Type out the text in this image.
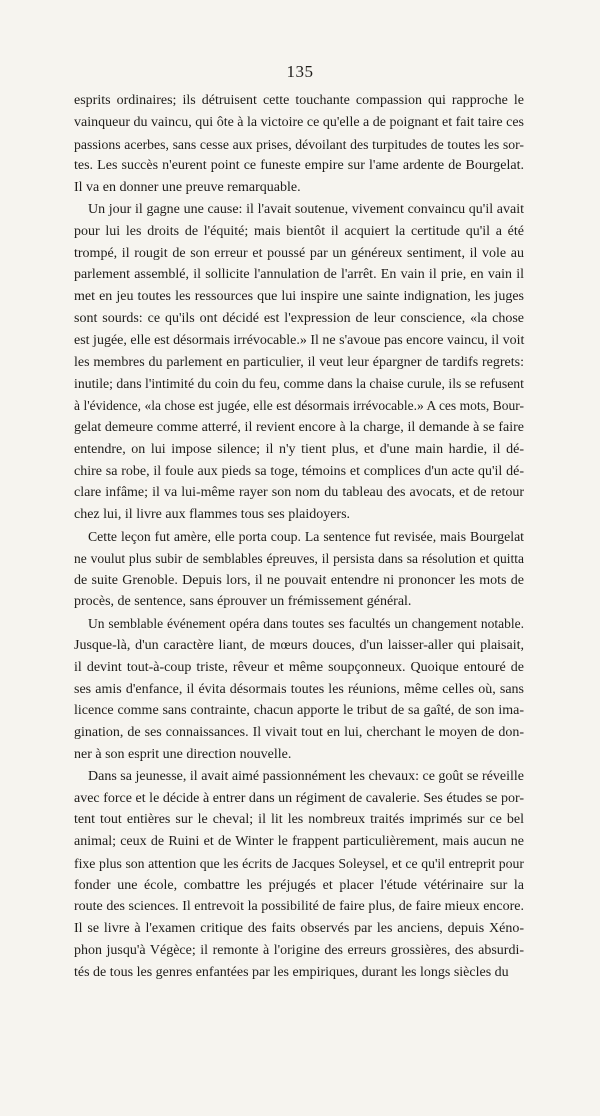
135
esprits ordinaires; ils détruisent cette touchante compassion qui rapproche le
vainqueur du vaincu, qui ôte à la victoire ce qu'elle a de poignant et fait taire ces
passions acerbes, sans cesse aux prises, dévoilant des turpitudes de toutes les sor-
tes. Les succès n'eurent point ce funeste empire sur l'ame ardente de Bourgelat.
Il va en donner une preuve remarquable.
Un jour il gagne une cause: il l'avait soutenue, vivement convaincu qu'il avait
pour lui les droits de l'équité; mais bientôt il acquiert la certitude qu'il a été
trompé, il rougit de son erreur et poussé par un généreux sentiment, il vole au
parlement assemblé, il sollicite l'annulation de l'arrêt. En vain il prie, en vain il
met en jeu toutes les ressources que lui inspire une sainte indignation, les juges
sont sourds: ce qu'ils ont décidé est l'expression de leur conscience, «la chose
est jugée, elle est désormais irrévocable.» Il ne s'avoue pas encore vaincu, il voit
les membres du parlement en particulier, il veut leur épargner de tardifs regrets:
inutile; dans l'intimité du coin du feu, comme dans la chaise curule, ils se refusent
à l'évidence, «la chose est jugée, elle est désormais irrévocable.» A ces mots, Bour-
gelat demeure comme atterré, il revient encore à la charge, il demande à se faire
entendre, on lui impose silence; il n'y tient plus, et d'une main hardie, il dé-
chire sa robe, il foule aux pieds sa toge, témoins et complices d'un acte qu'il dé-
clare infâme; il va lui-même rayer son nom du tableau des avocats, et de retour
chez lui, il livre aux flammes tous ses plaidoyers.
Cette leçon fut amère, elle porta coup. La sentence fut revisée, mais Bourgelat
ne voulut plus subir de semblables épreuves, il persista dans sa résolution et quitta
de suite Grenoble. Depuis lors, il ne pouvait entendre ni prononcer les mots de
procès, de sentence, sans éprouver un frémissement général.
Un semblable événement opéra dans toutes ses facultés un changement notable.
Jusque-là, d'un caractère liant, de mœurs douces, d'un laisser-aller qui plaisait,
il devint tout-à-coup triste, rêveur et même soupçonneux. Quoique entouré de
ses amis d'enfance, il évita désormais toutes les réunions, même celles où, sans
licence comme sans contrainte, chacun apporte le tribut de sa gaîté, de son ima-
gination, de ses connaissances. Il vivait tout en lui, cherchant le moyen de don-
ner à son esprit une direction nouvelle.
Dans sa jeunesse, il avait aimé passionnément les chevaux: ce goût se réveille
avec force et le décide à entrer dans un régiment de cavalerie. Ses études se por-
tent tout entières sur le cheval; il lit les nombreux traités imprimés sur ce bel
animal; ceux de Ruini et de Winter le frappent particulièrement, mais aucun ne
fixe plus son attention que les écrits de Jacques Soleysel, et ce qu'il entreprit pour
fonder une école, combattre les préjugés et placer l'étude vétérinaire sur la
route des sciences. Il entrevoit la possibilité de faire plus, de faire mieux encore.
Il se livre à l'examen critique des faits observés par les anciens, depuis Xéno-
phon jusqu'à Végèce; il remonte à l'origine des erreurs grossières, des absurdi-
tés de tous les genres enfantées par les empiriques, durant les longs siècles du
